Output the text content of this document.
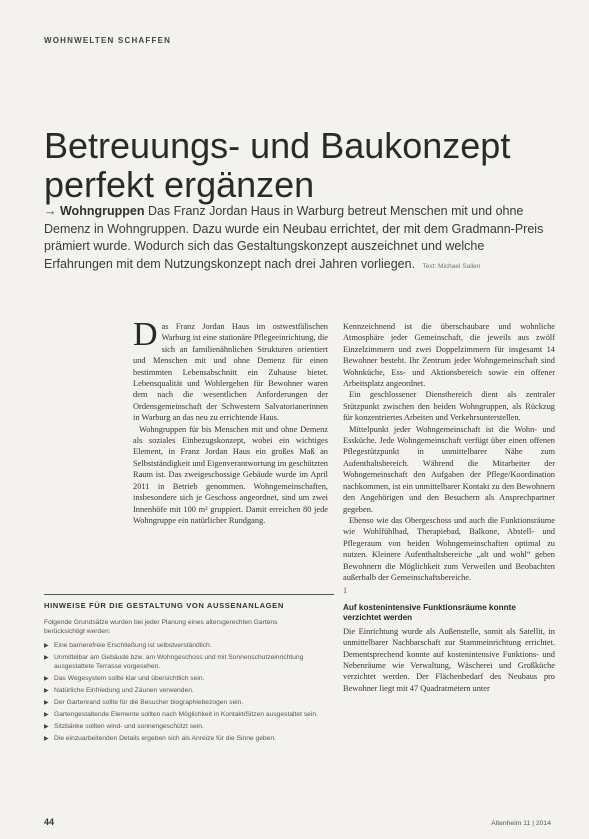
WOHNWELTEN SCHAFFEN
Betreuungs- und Baukonzept
perfekt ergänzen
→ Wohngruppen Das Franz Jordan Haus in Warburg betreut Menschen mit und ohne Demenz in Wohngruppen. Dazu wurde ein Neubau errichtet, der mit dem Gradmann-Preis prämiert wurde. Wodurch sich das Gestaltungskonzept auszeichnet und welche Erfahrungen mit dem Nutzungskonzept nach drei Jahren vorliegen. Text: Michael Sallen

Das Franz Jordan Haus im ostwestfälischen Warburg ist eine stationäre Pflegeeinrichtung, die sich an familienähnlichen Strukturen orientiert und Menschen mit und ohne Demenz für einen bestimmten Lebensabschnitt ein Zuhause bietet. Lebensqualität und Wohlergehen für Bewohner waren dem nach die wesentlichen Anforderungen der Ordensgemeinschaft der Schwestern Salvatorianerinnen in Warburg an das neu zu errichtende Haus.

Wohngruppen für bis Menschen mit und ohne Demenz als soziales Einbezugskonzept, wobei ein wichtiges Element, in Franz Jordan Haus ein großes Maß an Selbstständigkeit und Eigenverantwortung im geschützten Raum ist. Das zweigeschossige Gebäude wurde im April 2011 in Betrieb genommen. Wohngemeinschaften, insbesondere sich je Geschoss angeordnet, sind um zwei Innenhöfe mit 100 m² gruppiert. Damit erreichen 80 jede Wohngruppe ein natürlicher Rundgang.

Kennzeichnend ist die überschaubare und wohnliche Atmosphäre jeder Gemeinschaft, die jeweils aus zwölf Einzelzimmern und zwei Doppelzimmern für insgesamt 14 Bewohner besteht. Ihr Zentrum jeder Wohngemeinschaft sind Wohnküche, Ess- und Aktionsbereich sowie ein offener Arbeitsplatz angeordnet.

Ein geschlossener Dienstbereich dient als zentraler Stützpunkt zwischen den beiden Wohngruppen, als Rückzug für konzentriertes Arbeiten und Verkehrsunterstellen.

Mittelpunkt jeder Wohngemeinschaft ist die Wohn- und Essküche. Jede Wohngemeinschaft verfügt über einen offenen Pflegestützpunkt in unmittelbarer Nähe zum Aufenthaltsbereich. Während die Mitarbeiter der Wohngemeinschaft den Aufgaben der Pflege/Koordination nachkommen, ist ein unmittelbarer Kontakt zu den Bewohnern den Angehörigen und den Besuchern als Ansprechpartner gegeben.

Ebenso wie das Obergeschoss und auch die Funktionsräume wie Wohlfühlbad, Therapiebad, Balkone, Abstell- und Pflegeraum von beiden Wohngemeinschaften optimal zu nutzen. Kleinere Aufenthaltsbereiche „alt und wohl“ geben Bewohnern die Möglichkeit zum Verweilen und Beobachten außerhalb der Gemeinschaftsbereiche.

1
Auf kostenintensive Funktionsräume konnte verzichtet werden

Die Einrichtung wurde als Außenstelle, somit als Satellit, in unmittelbarer Nachbarschaft zur Stammeinrichtung errichtet. Dementsprechend konnte auf kostenintensive Funktions- und Nebenräume wie Verwaltung, Wäscherei und Großküche verzichtet werden. Der Flächenbedarf des Neubaus pro Bewohner liegt mit 47 Quadratmetern unter

HINWEISE FÜR DIE GESTALTUNG VON AUSSENANLAGEN
Folgende Grundsätze wurden bei jeder Planung eines altersgerechten Gartens berücksichtigt werden:
▶ Eine barrierefreie Erschließung ist selbstverständlich.
▶ Unmittelbar am Gebäude bzw. am Wohngeschoss und mit Sonnenschutzeinrichtung ausgestattete Terrasse vorgesehen.
▶ Das Wegesystem sollte klar und übersichtlich sein.
▶ Natürliche Einfriedung und Zäunen verwenden.
▶ Der Gartenrand sollte für die Besucher biographiebezogen sein.
▶ Gartengestaltende Elemente sollten nach Möglichkeit in Kontakt/Sitzen ausgestaltet sein.
▶ Sitzbänke sollten wind- und sonnengeschützt sein.
▶ Die einzuarbeitenden Details ergeben sich als Anreize für die Sinne geben.
44	Altenheim 11 | 2014
